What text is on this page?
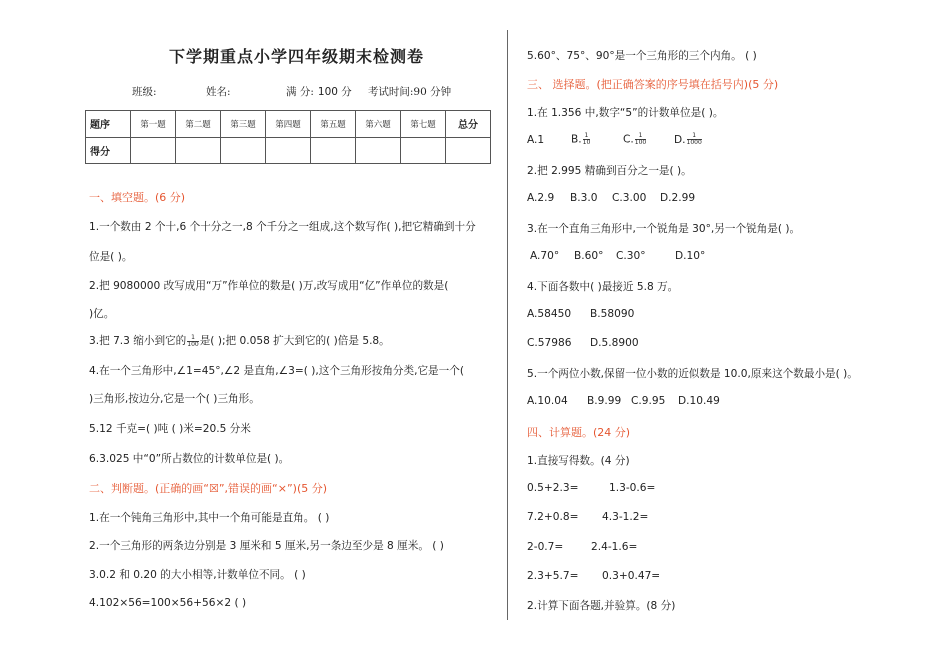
下学期重点小学四年级期末检测卷
班级:	姓名:	满 分: 100 分 考试时间:90 分钟
题序	第一题	第二题	第三题	第四题	第五题	第六题	第七题	总分
得分								
一、填空题。(6 分)
1.一个数由 2 个十,6 个十分之一,8 个千分之一组成,这个数写作( ),把它精确到十分
位是( )。
2.把 9080000 改写成用“万”作单位的数是( )万,改写成用“亿”作单位的数是(
)亿。
3.把 7.3 缩小到它的 $\frac{1}{100}$ 是( );把 0.058 扩大到它的( )倍是 5.8。
4.在一个三角形中,∠1=45°,∠2 是直角,∠3=( ),这个三角形按角分类,它是一个(
)三角形,按边分,它是一个( )三角形。
5.12 千克=( )吨 ( )米=20.5 分米
6.3.025 中“0”所占数位的计数单位是( )。
二、判断题。(正确的画“☒”,错误的画“×”)(5 分)
1.在一个钝角三角形中,其中一个角可能是直角。 ( )
2.一个三角形的两条边分别是 3 厘米和 5 厘米,另一条边至少是 8 厘米。 ( )
3.0.2 和 0.20 的大小相等,计数单位不同。 ( )
4.102×56=100×56+56×2 ( )
5.60°、75°、90°是一个三角形的三个内角。 ( )
三、 选择题。(把正确答案的序号填在括号内)(5 分)
1.在 1.356 中,数字“5”的计数单位是( )。
A.1	B. $\frac{1}{10}$	C. $\frac{1}{100}$	D. $\frac{1}{1000}$
2.把 2.995 精确到百分之一是( )。
A.2.9 B.3.0 C.3.00 D.2.99
3.在一个直角三角形中,一个锐角是 30°,另一个锐角是( )。
A.70° B.60° C.30°	D.10°
4.下面各数中( )最接近 5.8 万。
A.58450 B.58090
C.57986 D.5.8900
5.一个两位小数,保留一位小数的近似数是 10.0,原来这个数最小是( )。
A.10.04 B.9.99 C.9.95 D.10.49
四、计算题。(24 分)
1.直接写得数。(4 分)
0.5+2.3=	1.3-0.6=
7.2+0.8= 4.3-1.2=
2-0.7=	2.4-1.6=
2.3+5.7= 0.3+0.47=
2.计算下面各题,并验算。(8 分)
